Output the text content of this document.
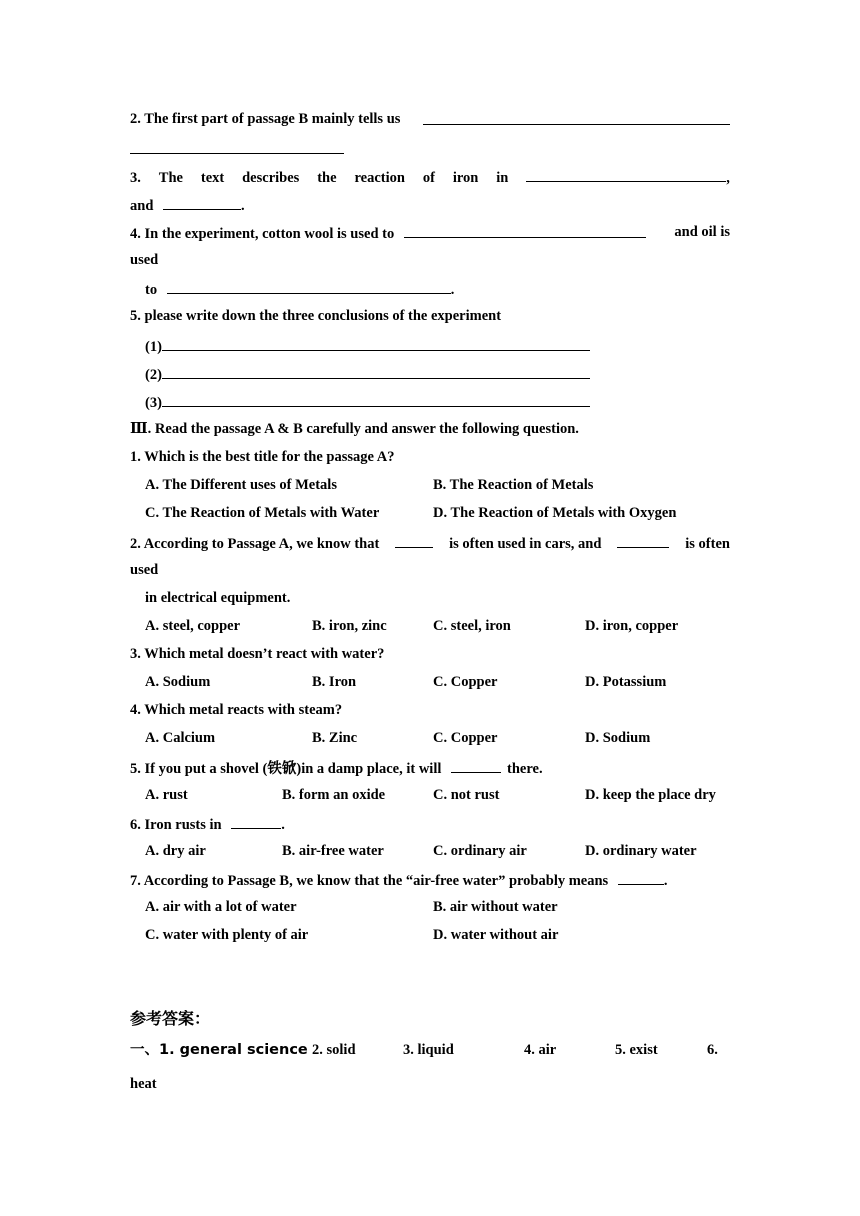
2. The first part of passage B mainly tells us
3. The text describes the reaction of iron in	,
and	.
4. In the experiment, cotton wool is used to	and oil is
used
to	.
5. please write down the three conclusions of the experiment
(1)
(2)
(3)
Ⅲ. Read the passage A & B carefully and answer the following question.
1. Which is the best title for the passage A?
A. The Different uses of Metals	B. The Reaction of Metals
C. The Reaction of Metals with Water	D. The Reaction of Metals with Oxygen
2. According to Passage A, we know that	is often used in cars, and	is often
used
in electrical equipment.
A. steel, copper	B. iron, zinc	C. steel, iron	D. iron, copper
3. Which metal doesn’t react with water?
A. Sodium	B. Iron	C. Copper	D. Potassium
4. Which metal reacts with steam?
A. Calcium	B. Zinc	C. Copper	D. Sodium
5. If you put a shovel (铁锨)in a damp place, it will	there.
A. rust	B. form an oxide	C. not rust	D. keep the place dry
6. Iron rusts in	.
A. dry air	B. air-free water	C. ordinary air	D. ordinary water
7. According to Passage B, we know that the “air-free water” probably means	.
A. air with a lot of water	B. air without water
C. water with plenty of air	D. water without air
参考答案：
一、1. general science 2. solid	3. liquid	4. air	5. exist	6.
heat
